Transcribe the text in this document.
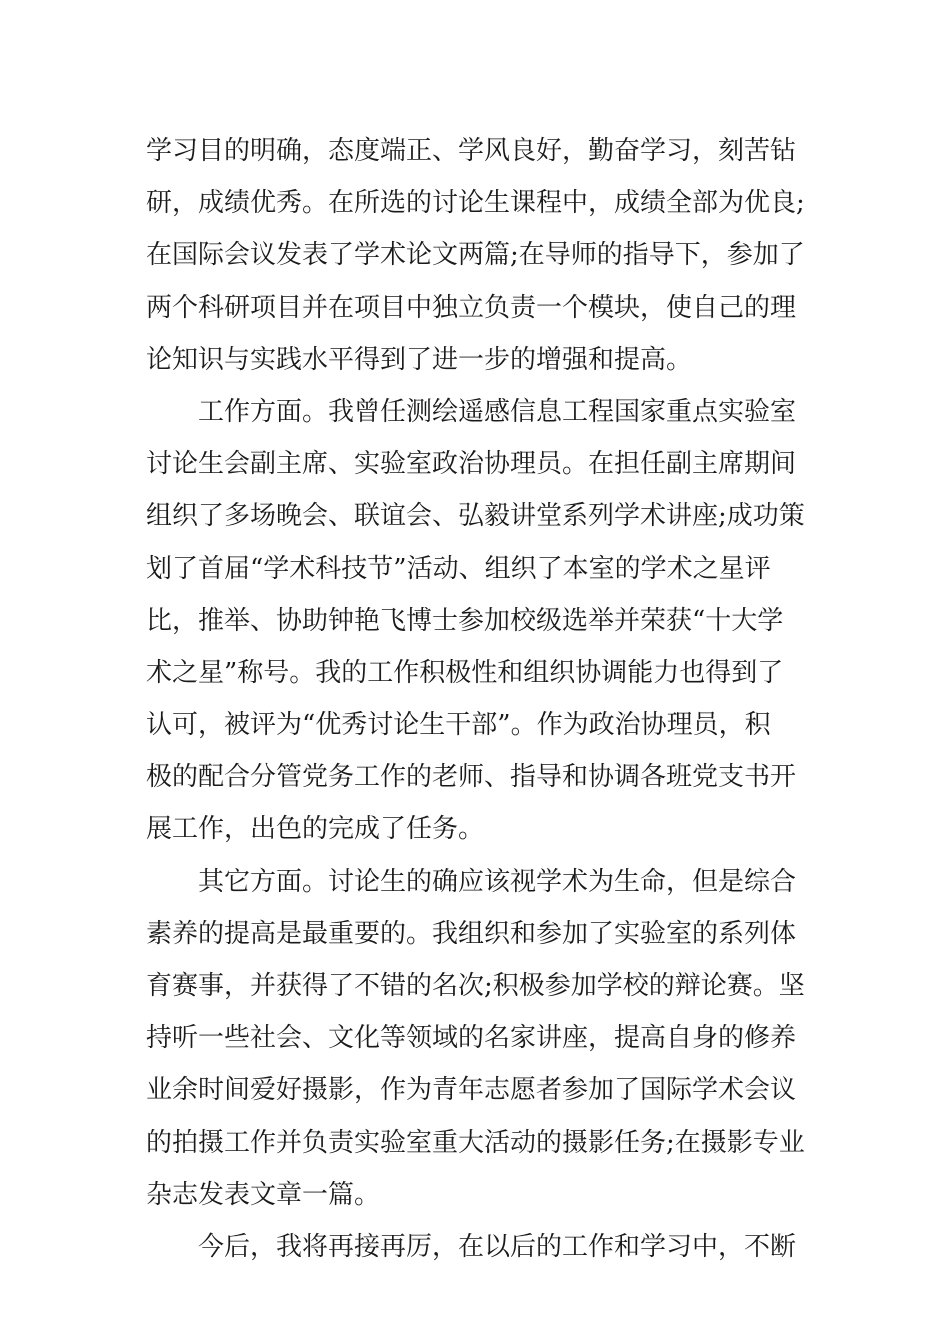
学习目的明确，态度端正、学风良好，勤奋学习，刻苦钻
研，成绩优秀。在所选的讨论生课程中，成绩全部为优良;
在国际会议发表了学术论文两篇;在导师的指导下，参加了
两个科研项目并在项目中独立负责一个模块，使自己的理
论知识与实践水平得到了进一步的增强和提高。
工作方面。我曾任测绘遥感信息工程国家重点实验室
讨论生会副主席、实验室政治协理员。在担任副主席期间
组织了多场晚会、联谊会、弘毅讲堂系列学术讲座;成功策
划了首届“学术科技节”活动、组织了本室的学术之星评
比，推举、协助钟艳飞博士参加校级选举并荣获“十大学
术之星”称号。我的工作积极性和组织协调能力也得到了
认可，被评为“优秀讨论生干部”。作为政治协理员，积
极的配合分管党务工作的老师、指导和协调各班党支书开
展工作，出色的完成了任务。
其它方面。讨论生的确应该视学术为生命，但是综合
素养的提高是最重要的。我组织和参加了实验室的系列体
育赛事，并获得了不错的名次;积极参加学校的辩论赛。坚
持听一些社会、文化等领域的名家讲座，提高自身的修养
业余时间爱好摄影，作为青年志愿者参加了国际学术会议
的拍摄工作并负责实验室重大活动的摄影任务;在摄影专业
杂志发表文章一篇。
今后，我将再接再厉，在以后的工作和学习中，不断
